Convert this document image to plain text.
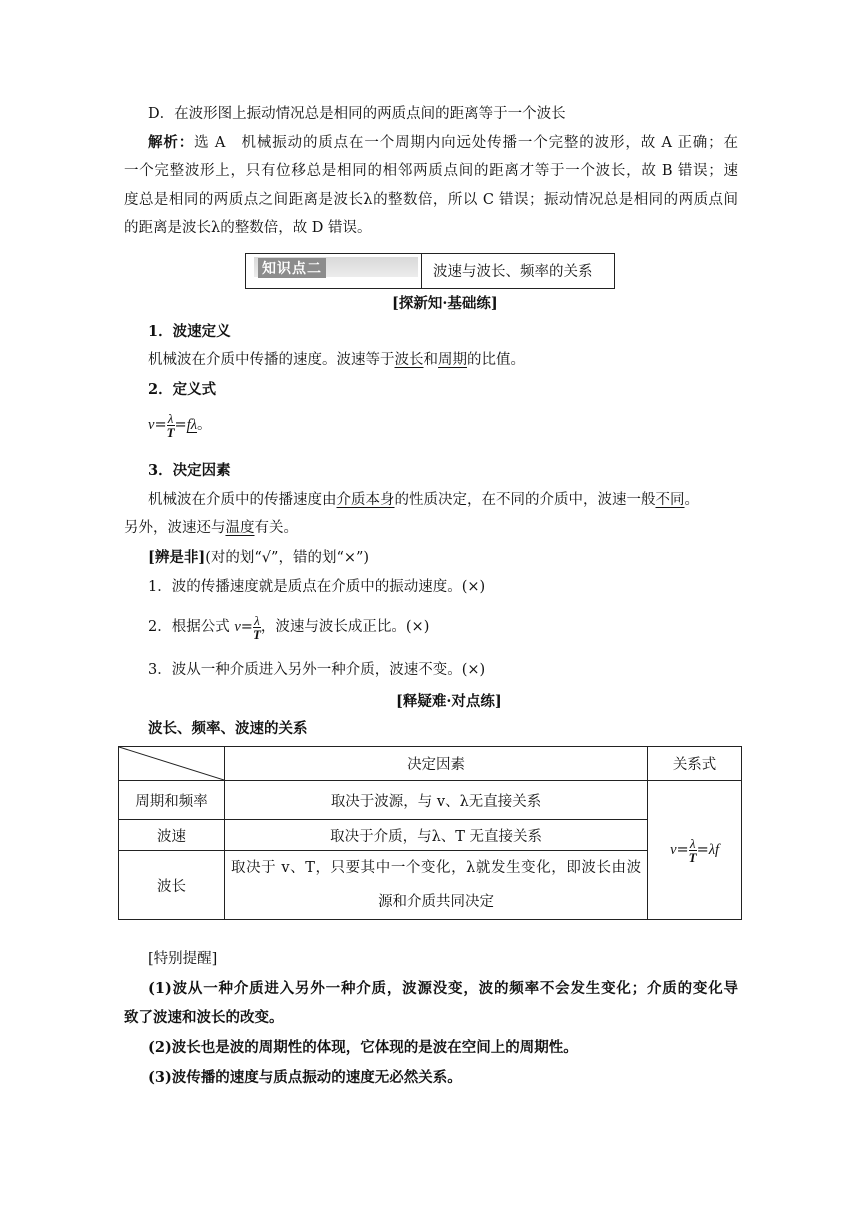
D．在波形图上振动情况总是相同的两质点间的距离等于一个波长
解析：选 A　机械振动的质点在一个周期内向远处传播一个完整的波形，故 A 正确；在
一个完整波形上，只有位移总是相同的相邻两质点间的距离才等于一个波长，故 B 错误；速
度总是相同的两质点之间距离是波长λ的整数倍，所以 C 错误；振动情况总是相同的两质点间
的距离是波长λ的整数倍，故 D 错误。
知识点二	波速与波长、频率的关系
[探新知·基础练]
1．波速定义
机械波在介质中传播的速度。波速等于波长和周期的比值。
2．定义式
$v= \frac{\lambda}{T} =f\lambda$。
3．决定因素
机械波在介质中的传播速度由介质本身的性质决定，在不同的介质中，波速一般不同。
另外，波速还与温度有关。
[辨是非](对的划“√”，错的划“×”)
1．波的传播速度就是质点在介质中的振动速度。(×)
2．根据公式 $v= \frac{\lambda}{T}$ ，波速与波长成正比。(×)
3．波从一种介质进入另外一种介质，波速不变。(×)
[释疑难·对点练]
波长、频率、波速的关系
	决定因素	关系式
周期和频率	取决于波源，与 v、λ无直接关系	$v= \frac{\lambda}{T} =\lambda f$
波速	取决于介质，与λ、T 无直接关系	
波长	取决于 v、T，只要其中一个变化，λ就发生变化，即波长由波
源和介质共同决定	
[特别提醒]
(1)波从一种介质进入另外一种介质，波源没变，波的频率不会发生变化；介质的变化导
致了波速和波长的改变。
(2)波长也是波的周期性的体现，它体现的是波在空间上的周期性。
(3)波传播的速度与质点振动的速度无必然关系。
